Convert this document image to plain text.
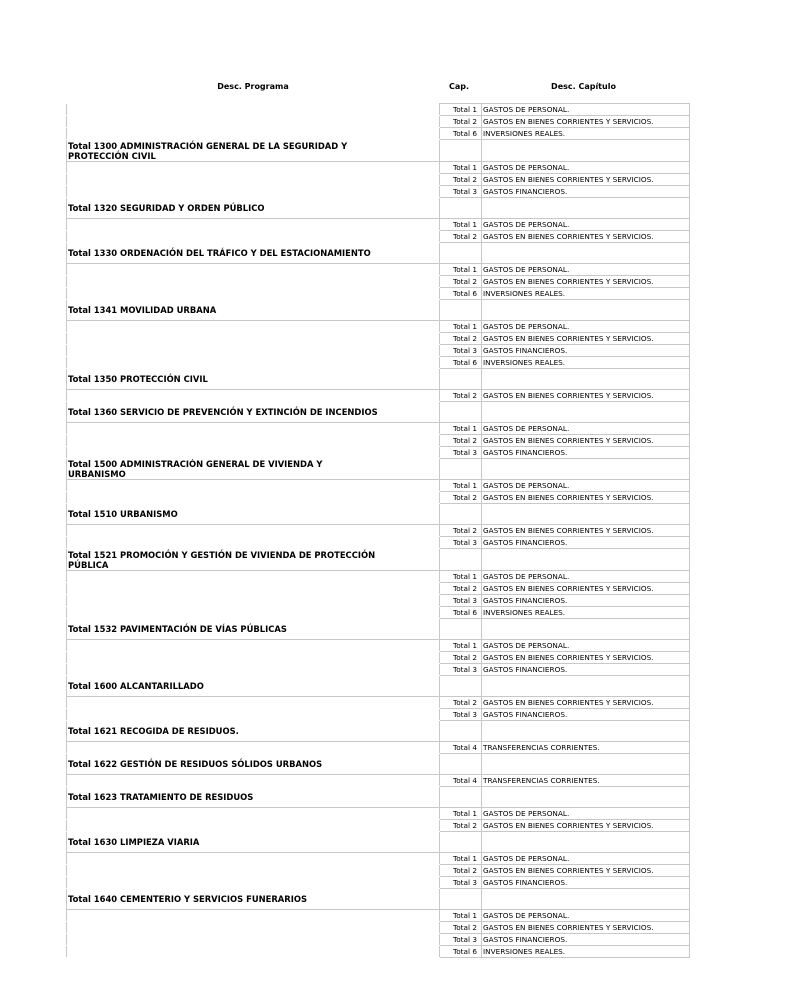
Desc. Programa	Cap.	Desc. Capítulo
	Total 1	GASTOS DE PERSONAL.
	Total 2	GASTOS EN BIENES CORRIENTES Y SERVICIOS.
	Total 6	INVERSIONES REALES.
Total 1300 ADMINISTRACIÓN GENERAL DE LA SEGURIDAD Y PROTECCIÓN CIVIL		
	Total 1	GASTOS DE PERSONAL.
	Total 2	GASTOS EN BIENES CORRIENTES Y SERVICIOS.
	Total 3	GASTOS FINANCIEROS.
Total 1320 SEGURIDAD Y ORDEN PÚBLICO		
	Total 1	GASTOS DE PERSONAL.
	Total 2	GASTOS EN BIENES CORRIENTES Y SERVICIOS.
Total 1330 ORDENACIÓN DEL TRÁFICO Y DEL ESTACIONAMIENTO		
	Total 1	GASTOS DE PERSONAL.
	Total 2	GASTOS EN BIENES CORRIENTES Y SERVICIOS.
	Total 6	INVERSIONES REALES.
Total 1341 MOVILIDAD URBANA		
	Total 1	GASTOS DE PERSONAL.
	Total 2	GASTOS EN BIENES CORRIENTES Y SERVICIOS.
	Total 3	GASTOS FINANCIEROS.
	Total 6	INVERSIONES REALES.
Total 1350 PROTECCIÓN CIVIL		
	Total 2	GASTOS EN BIENES CORRIENTES Y SERVICIOS.
Total 1360 SERVICIO DE PREVENCIÓN Y EXTINCIÓN DE INCENDIOS		
	Total 1	GASTOS DE PERSONAL.
	Total 2	GASTOS EN BIENES CORRIENTES Y SERVICIOS.
	Total 3	GASTOS FINANCIEROS.
Total 1500 ADMINISTRACIÓN GENERAL DE VIVIENDA Y URBANISMO		
	Total 1	GASTOS DE PERSONAL.
	Total 2	GASTOS EN BIENES CORRIENTES Y SERVICIOS.
Total 1510 URBANISMO		
	Total 2	GASTOS EN BIENES CORRIENTES Y SERVICIOS.
	Total 3	GASTOS FINANCIEROS.
Total 1521 PROMOCIÓN Y GESTIÓN DE VIVIENDA DE PROTECCIÓN PÚBLICA		
	Total 1	GASTOS DE PERSONAL.
	Total 2	GASTOS EN BIENES CORRIENTES Y SERVICIOS.
	Total 3	GASTOS FINANCIEROS.
	Total 6	INVERSIONES REALES.
Total 1532 PAVIMENTACIÓN DE VÍAS PÚBLICAS		
	Total 1	GASTOS DE PERSONAL.
	Total 2	GASTOS EN BIENES CORRIENTES Y SERVICIOS.
	Total 3	GASTOS FINANCIEROS.
Total 1600 ALCANTARILLADO		
	Total 2	GASTOS EN BIENES CORRIENTES Y SERVICIOS.
	Total 3	GASTOS FINANCIEROS.
Total 1621 RECOGIDA DE RESIDUOS.		
	Total 4	TRANSFERENCIAS CORRIENTES.
Total 1622 GESTIÓN DE RESIDUOS SÓLIDOS URBANOS		
	Total 4	TRANSFERENCIAS CORRIENTES.
Total 1623 TRATAMIENTO DE RESIDUOS		
	Total 1	GASTOS DE PERSONAL.
	Total 2	GASTOS EN BIENES CORRIENTES Y SERVICIOS.
Total 1630 LIMPIEZA VIARIA		
	Total 1	GASTOS DE PERSONAL.
	Total 2	GASTOS EN BIENES CORRIENTES Y SERVICIOS.
	Total 3	GASTOS FINANCIEROS.
Total 1640 CEMENTERIO Y SERVICIOS FUNERARIOS		
	Total 1	GASTOS DE PERSONAL.
	Total 2	GASTOS EN BIENES CORRIENTES Y SERVICIOS.
	Total 3	GASTOS FINANCIEROS.
	Total 6	INVERSIONES REALES.
